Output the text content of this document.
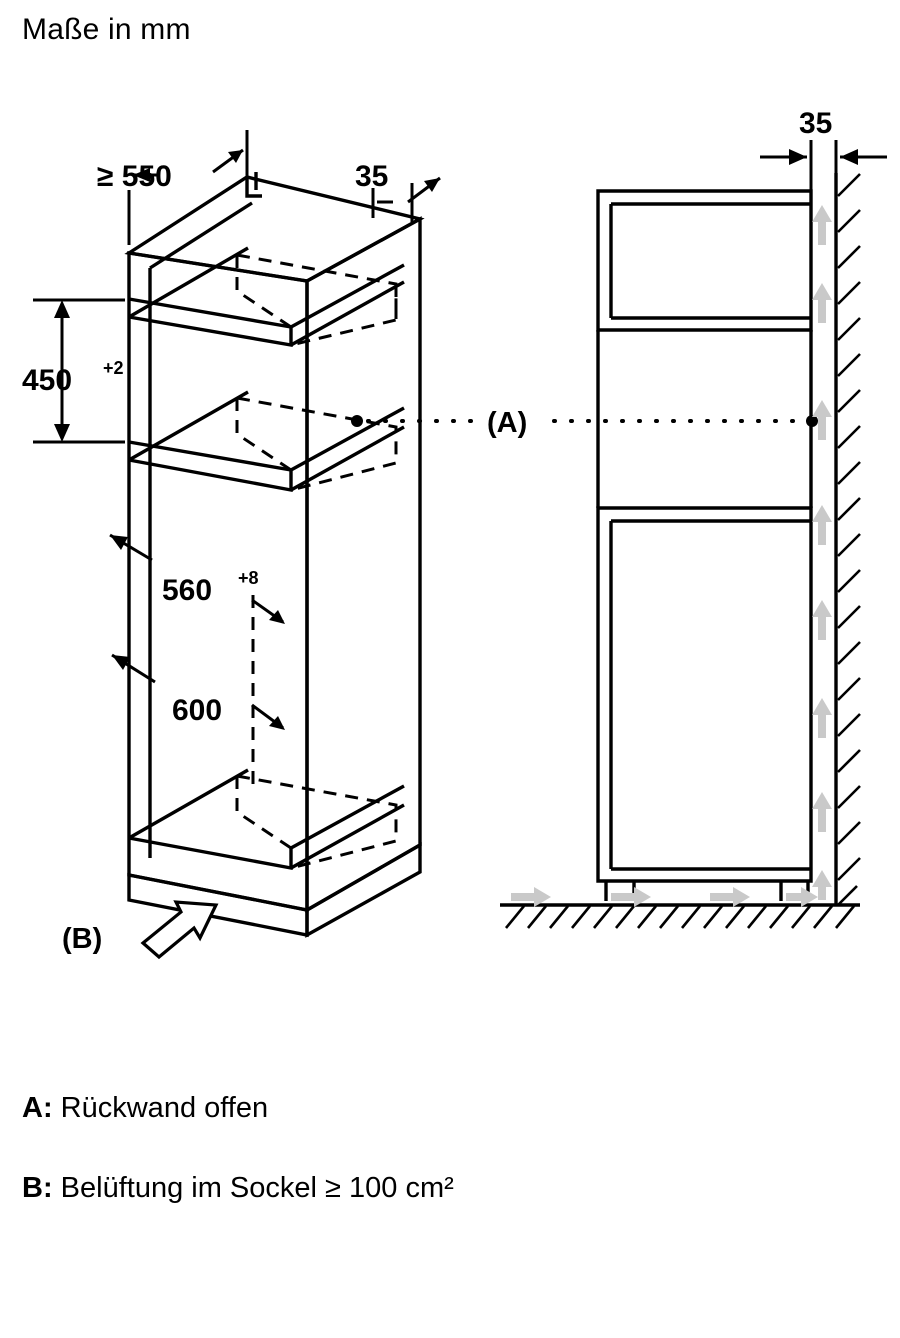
Maße in mm
≥ 550	35
450 +2
560 +8
600
(B)
(A)
35
A: Rückwand offen
B: Belüftung im Sockel ≥ 100 cm²
